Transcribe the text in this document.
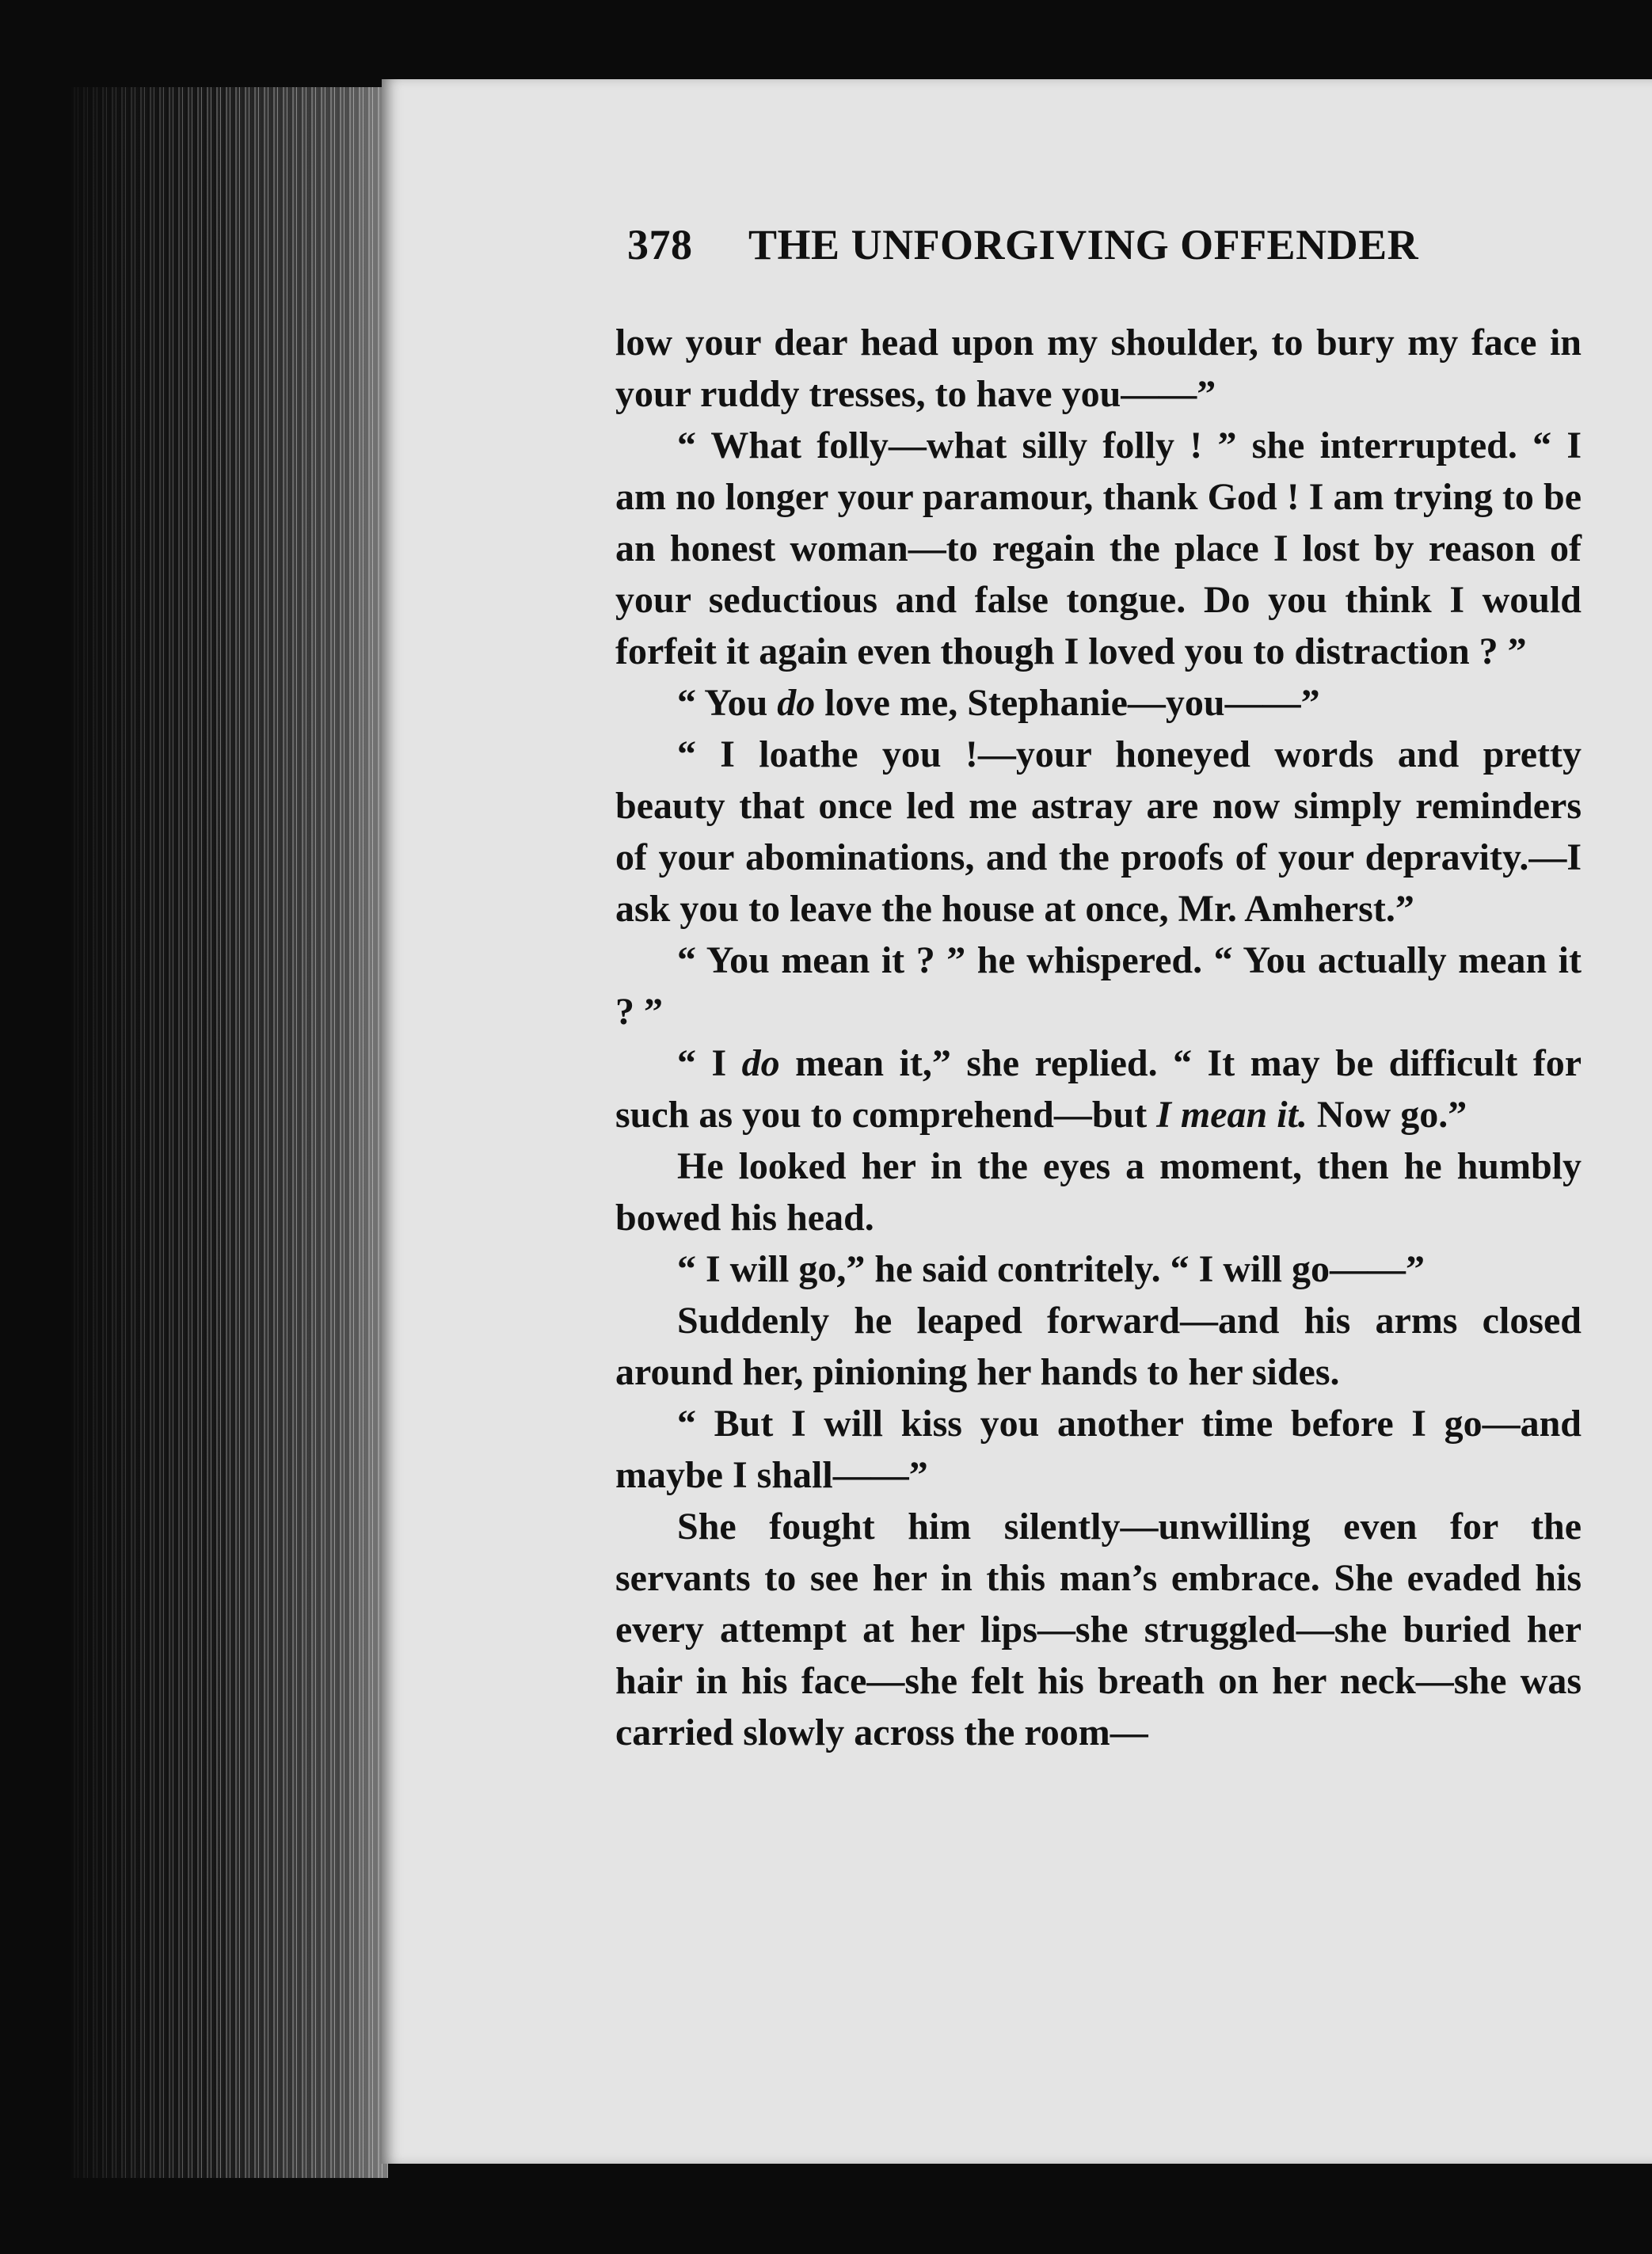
378 THE UNFORGIVING OFFENDER

low your dear head upon my shoulder, to bury my face in your ruddy tresses, to have you——”

“ What folly—what silly folly ! ” she interrupted. “ I am no longer your paramour, thank God ! I am trying to be an honest woman—to regain the place I lost by reason of your seductious and false tongue. Do you think I would forfeit it again even though I loved you to distraction ? ”

“ You do love me, Stephanie—you——”

“ I loathe you !—your honeyed words and pretty beauty that once led me astray are now simply reminders of your abominations, and the proofs of your depravity.—I ask you to leave the house at once, Mr. Amherst.”

“ You mean it ? ” he whispered. “ You actually mean it ? ”

“ I do mean it,” she replied. “ It may be difficult for such as you to comprehend—but I mean it. Now go.”

He looked her in the eyes a moment, then he humbly bowed his head.

“ I will go,” he said contritely. “ I will go——”

Suddenly he leaped forward—and his arms closed around her, pinioning her hands to her sides.

“ But I will kiss you another time before I go—and maybe I shall——”

She fought him silently—unwilling even for the servants to see her in this man’s embrace. She evaded his every attempt at her lips—she struggled—she buried her hair in his face—she felt his breath on her neck—she was carried slowly across the room—
